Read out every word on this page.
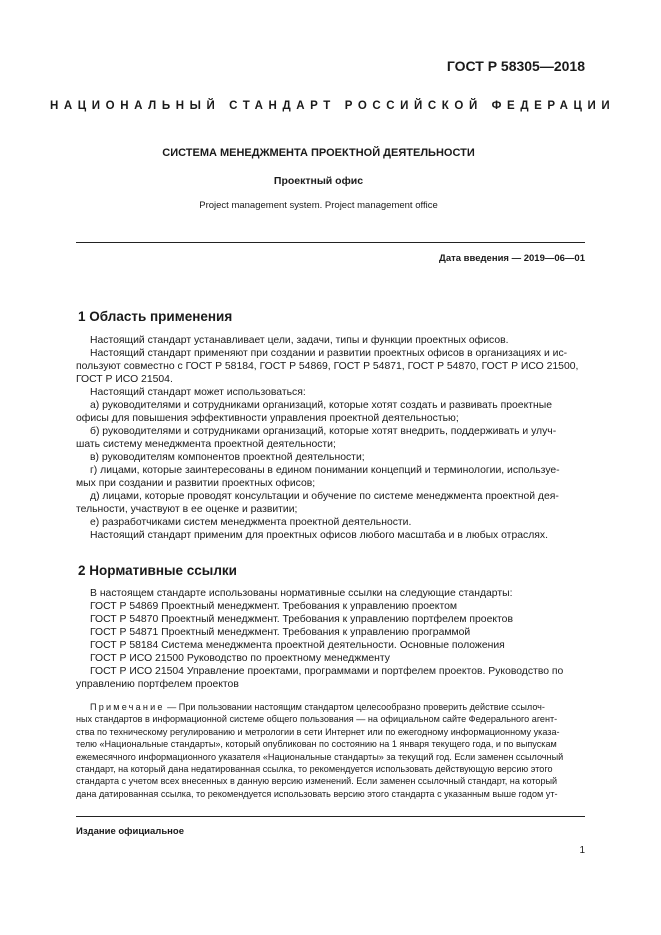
ГОСТ Р 58305—2018
НАЦИОНАЛЬНЫЙ СТАНДАРТ РОССИЙСКОЙ ФЕДЕРАЦИИ
СИСТЕМА МЕНЕДЖМЕНТА ПРОЕКТНОЙ ДЕЯТЕЛЬНОСТИ
Проектный офис
Project management system. Project management office
Дата введения — 2019—06—01
1 Область применения
Настоящий стандарт устанавливает цели, задачи, типы и функции проектных офисов.
Настоящий стандарт применяют при создании и развитии проектных офисов в организациях и ис-
пользуют совместно с ГОСТ Р 58184, ГОСТ Р 54869, ГОСТ Р 54871, ГОСТ Р 54870, ГОСТ Р ИСО 21500,
ГОСТ Р ИСО 21504.
Настоящий стандарт может использоваться:
а) руководителями и сотрудниками организаций, которые хотят создать и развивать проектные
офисы для повышения эффективности управления проектной деятельностью;
б) руководителями и сотрудниками организаций, которые хотят внедрить, поддерживать и улуч-
шать систему менеджмента проектной деятельности;
в) руководителям компонентов проектной деятельности;
г) лицами, которые заинтересованы в едином понимании концепций и терминологии, используе-
мых при создании и развитии проектных офисов;
д) лицами, которые проводят консультации и обучение по системе менеджмента проектной дея-
тельности, участвуют в ее оценке и развитии;
е) разработчиками систем менеджмента проектной деятельности.
Настоящий стандарт применим для проектных офисов любого масштаба и в любых отраслях.
2 Нормативные ссылки
В настоящем стандарте использованы нормативные ссылки на следующие стандарты:
ГОСТ Р 54869 Проектный менеджмент. Требования к управлению проектом
ГОСТ Р 54870 Проектный менеджмент. Требования к управлению портфелем проектов
ГОСТ Р 54871 Проектный менеджмент. Требования к управлению программой
ГОСТ Р 58184 Система менеджмента проектной деятельности. Основные положения
ГОСТ Р ИСО 21500 Руководство по проектному менеджменту
ГОСТ Р ИСО 21504 Управление проектами, программами и портфелем проектов. Руководство по
управлению портфелем проектов
Примечание — При пользовании настоящим стандартом целесообразно проверить действие ссылоч-
ных стандартов в информационной системе общего пользования — на официальном сайте Федерального агент-
ства по техническому регулированию и метрологии в сети Интернет или по ежегодному информационному указа-
телю «Национальные стандарты», который опубликован по состоянию на 1 января текущего года, и по выпускам
ежемесячного информационного указателя «Национальные стандарты» за текущий год. Если заменен ссылочный
стандарт, на который дана недатированная ссылка, то рекомендуется использовать действующую версию этого
стандарта с учетом всех внесенных в данную версию изменений. Если заменен ссылочный стандарт, на который
дана датированная ссылка, то рекомендуется использовать версию этого стандарта с указанным выше годом ут-
Издание официальное
1
